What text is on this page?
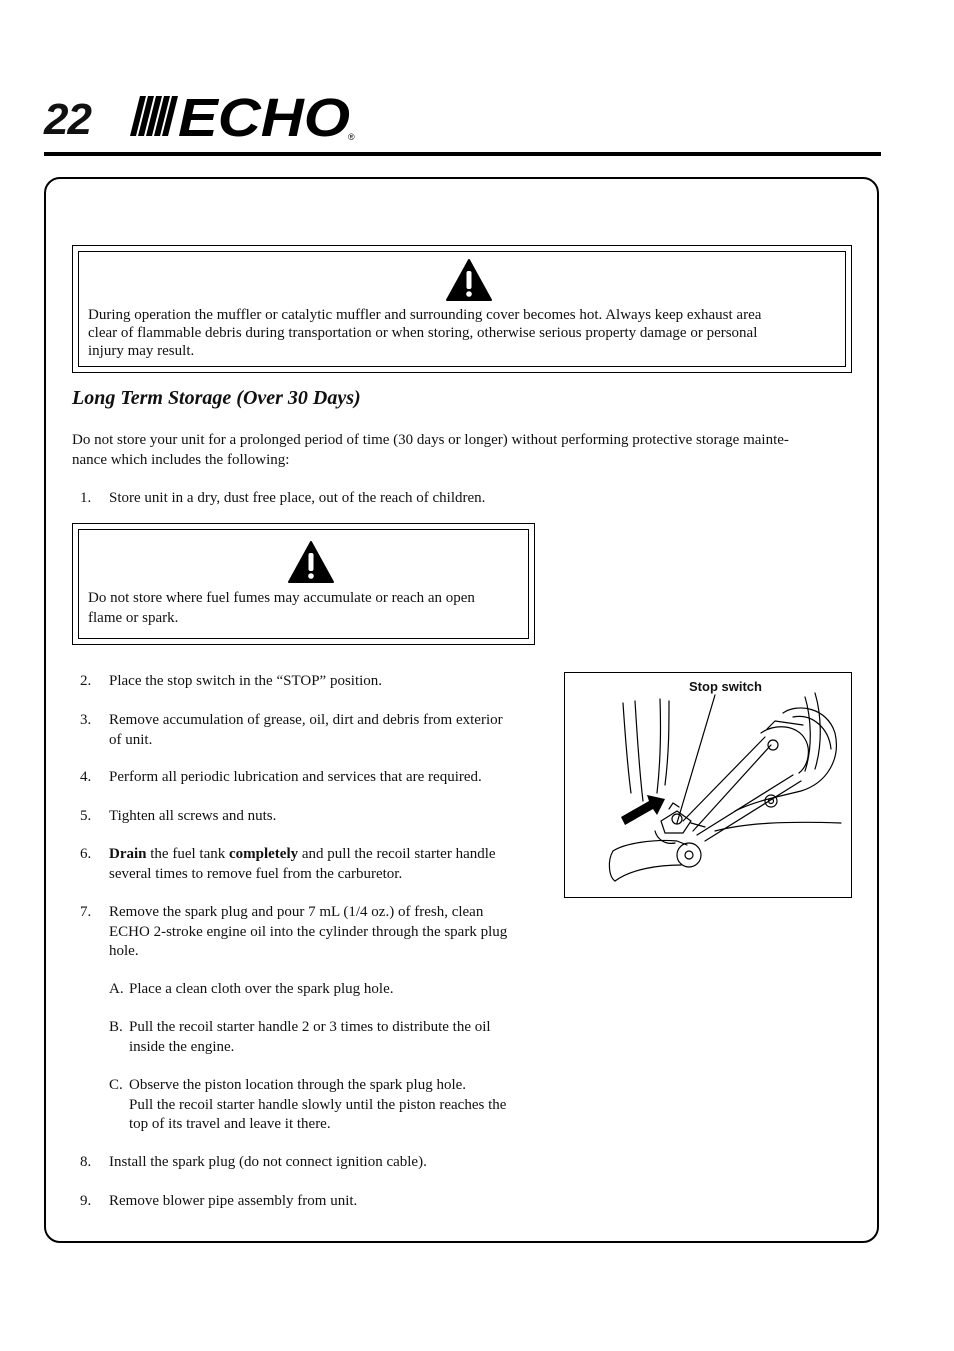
22 ECHO
®
During operation the muffler or catalytic muffler and surrounding cover becomes hot. Always keep exhaust area
clear of flammable debris during transportation or when storing, otherwise serious property damage or personal
injury may result.
Long Term Storage (Over 30 Days)
Do not store your unit for a prolonged period of time (30 days or longer) without performing protective storage mainte-
nance which includes the following:
1.	Store unit in a dry, dust free place, out of the reach of children.
Do not store where fuel fumes may accumulate or reach an open
flame or spark.
2.	Place the stop switch in the “STOP” position.
3.	Remove accumulation of grease, oil, dirt and debris from exterior
of unit.
4.	Perform all periodic lubrication and services that are required.
5.	Tighten all screws and nuts.
6.	Drain the fuel tank completely and pull the recoil starter handle
several times to remove fuel from the carburetor.
7.	Remove the spark plug and pour 7 mL (1/4 oz.) of fresh, clean
ECHO 2-stroke engine oil into the cylinder through the spark plug
hole.
A. Place a clean cloth over the spark plug hole.
B. Pull the recoil starter handle 2 or 3 times to distribute the oil
inside the engine.
C. Observe the piston location through the spark plug hole.
Pull the recoil starter handle slowly until the piston reaches the
top of its travel and leave it there.
8.	Install the spark plug (do not connect ignition cable).
9.	Remove blower pipe assembly from unit.
Stop switch
